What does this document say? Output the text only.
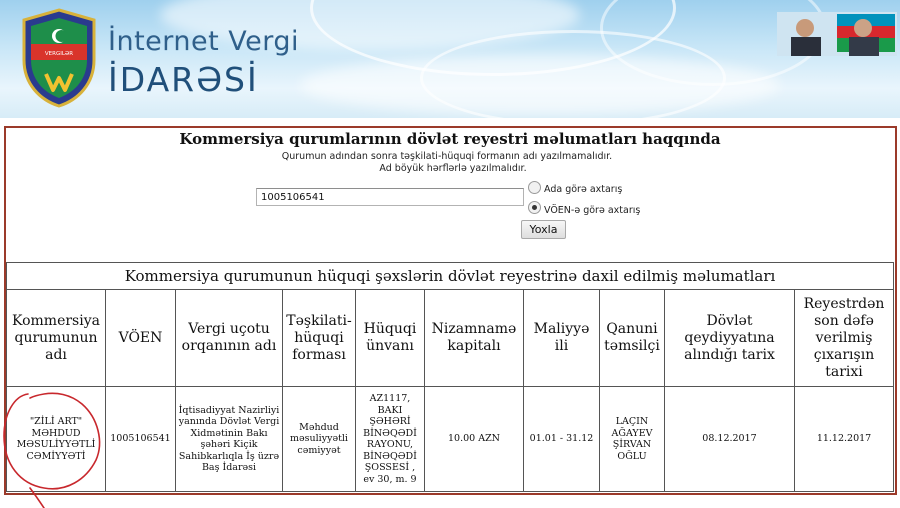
VERGILƏR İnternet Vergi
İDARƏSİ
Kommersiya qurumlarının dövlət reyestri məlumatları haqqında
Qurumun adından sonra təşkilati-hüquqi formanın adı yazılmamalıdır.
Ad böyük hərflərlə yazılmalıdır.
1005106541
Ada görə axtarış
VÖEN-ə görə axtarış
Yoxla
Kommersiya qurumunun hüquqi şəxslərin dövlət reyestrinə daxil edilmiş məlumatları									
Kommersiya qurumunun adı	VÖEN	Vergi uçotu orqanının adı	Təşkilati-hüquqi forması	Hüquqi ünvanı	Nizamnamə kapitalı	Maliyyə ili	Qanuni təmsilçi	Dövlət qeydiyyatına alındığı tarix	Reyestrdən son dəfə verilmiş çıxarışın tarixi
"ZİLİ ART" MƏHDUD MƏSULİYYƏTLİ CƏMİYYƏTİ	1005106541	İqtisadiyyat Nazirliyi yanında Dövlət Vergi Xidmətinin Bakı şəhəri Kiçik Sahibkarlıqla İş üzrə Baş İdarəsi	Məhdud məsuliyyətli cəmiyyət	AZ1117, BAKI ŞƏHƏRİ BİNƏQƏDİ RAYONU, BİNƏQƏDİ ŞOSSESİ , ev 30, m. 9	10.00 AZN	01.01 - 31.12	LAÇIN AĞAYEV ŞİRVAN OĞLU	08.12.2017	11.12.2017
